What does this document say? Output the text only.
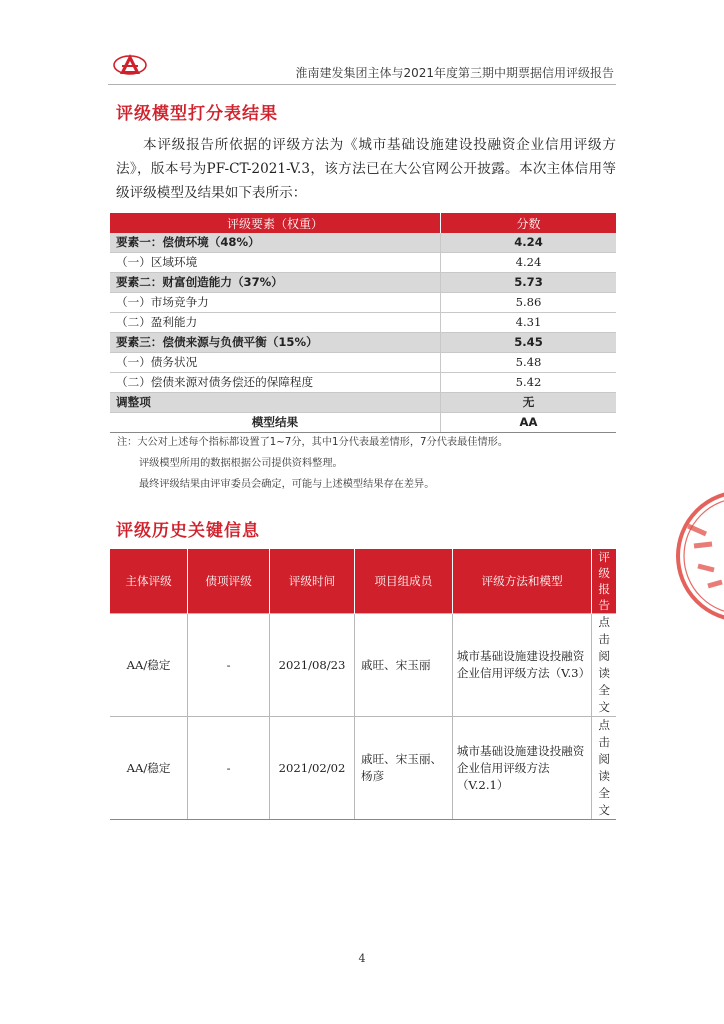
淮南建发集团主体与2021年度第三期中期票据信用评级报告
评级模型打分表结果
本评级报告所依据的评级方法为《城市基础设施建设投融资企业信用评级方法》，版本号为PF-CT-2021-V.3，该方法已在大公官网公开披露。本次主体信用等级评级模型及结果如下表所示：
评级要素（权重）	分数
要素一：偿债环境（48%）	4.24
（一）区域环境	4.24
要素二：财富创造能力（37%）	5.73
（一）市场竞争力	5.86
（二）盈利能力	4.31
要素三：偿债来源与负债平衡（15%）	5.45
（一）债务状况	5.48
（二）偿债来源对债务偿还的保障程度	5.42
调整项	无
模型结果	AA
注：大公对上述每个指标都设置了1~7分，其中1分代表最差情形，7分代表最佳情形。
评级模型所用的数据根据公司提供资料整理。
最终评级结果由评审委员会确定，可能与上述模型结果存在差异。
评级历史关键信息
主体评级	债项评级	评级时间	项目组成员	评级方法和模型	评级报告
AA/稳定	-	2021/08/23	戚旺、宋玉丽	城市基础设施建设投融资企业信用评级方法（V.3）	点击阅读全文
AA/稳定	-	2021/02/02	戚旺、宋玉丽、杨彦	城市基础设施建设投融资企业信用评级方法（V.2.1）	点击阅读全文
4
